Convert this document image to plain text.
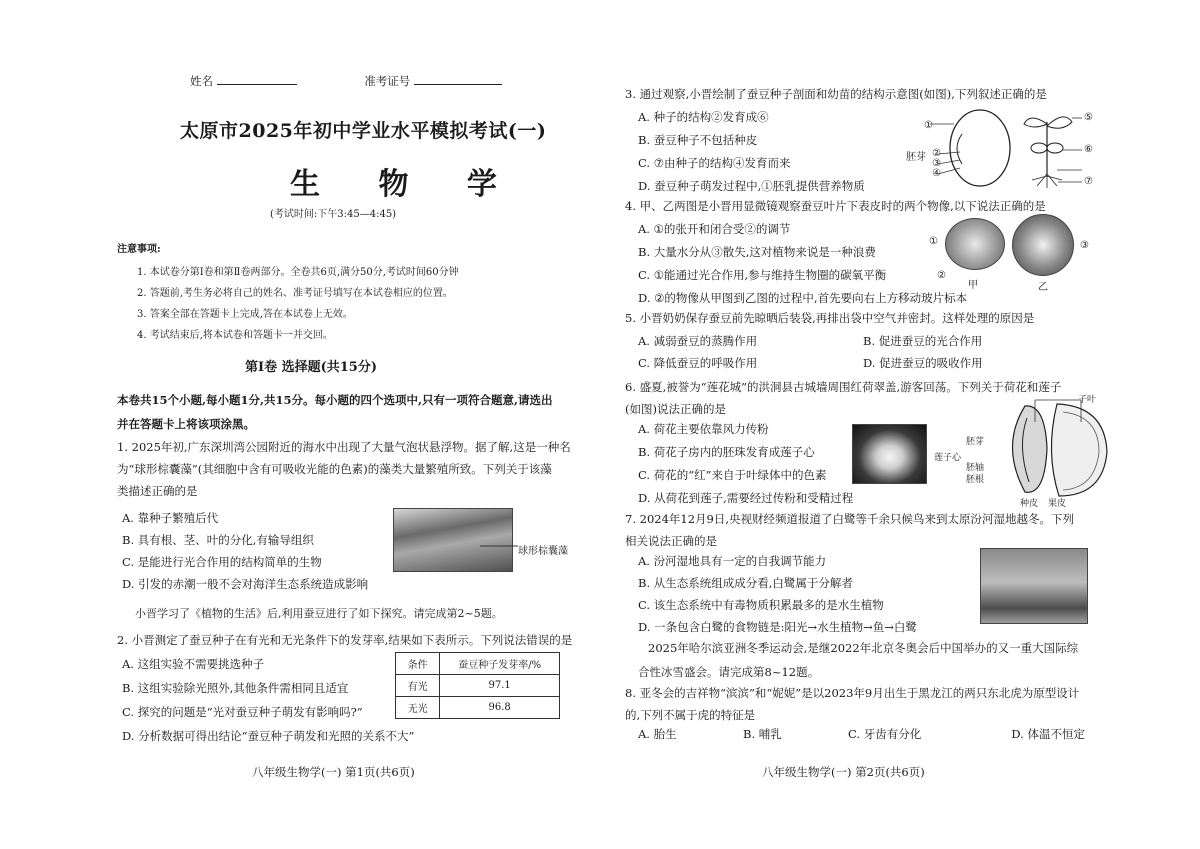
姓名	准考证号
太原市2025年初中学业水平模拟考试(一)
生 物 学
(考试时间:下午3:45—4:45)
注意事项:
1. 本试卷分第Ⅰ卷和第Ⅱ卷两部分。全卷共6页,满分50分,考试时间60分钟
2. 答题前,考生务必将自己的姓名、准考证号填写在本试卷相应的位置。
3. 答案全部在答题卡上完成,答在本试卷上无效。
4. 考试结束后,将本试卷和答题卡一并交回。
第Ⅰ卷 选择题(共15分)
本卷共15个小题,每小题1分,共15分。每小题的四个选项中,只有一项符合题意,请选出
并在答题卡上将该项涂黑。
1. 2025年初,广东深圳湾公园附近的海水中出现了大量气泡状悬浮物。据了解,这是一种名
为“球形棕囊藻”(其细胞中含有可吸收光能的色素)的藻类大量繁殖所致。下列关于该藻
类描述正确的是
A. 靠种子繁殖后代
B. 具有根、茎、叶的分化,有输导组织
C. 是能进行光合作用的结构简单的生物
D. 引发的赤潮一般不会对海洋生态系统造成影响
球形棕囊藻
小晋学习了《植物的生活》后,利用蚕豆进行了如下探究。请完成第2~5题。
2. 小晋测定了蚕豆种子在有光和无光条件下的发芽率,结果如下表所示。下列说法错误的是
A. 这组实验不需要挑选种子
B. 这组实验除光照外,其他条件需相同且适宜
C. 探究的问题是“光对蚕豆种子萌发有影响吗?”
D. 分析数据可得出结论“蚕豆种子萌发和光照的关系不大”
条件	蚕豆种子发芽率/%
有光	97.1
无光	96.8
八年级生物学(一) 第1页(共6页)
3. 通过观察,小晋绘制了蚕豆种子剖面和幼苗的结构示意图(如图),下列叙述正确的是
A. 种子的结构②发育成⑥
B. 蚕豆种子不包括种皮
C. ⑦由种子的结构④发育而来
D. 蚕豆种子萌发过程中,①胚乳提供营养物质
①
胚芽 ②
③
④
⑤
⑥
⑦
4. 甲、乙两图是小晋用显微镜观察蚕豆叶片下表皮时的两个物像,以下说法正确的是
A. ①的张开和闭合受②的调节
B. 大量水分从③散失,这对植物来说是一种浪费
C. ①能通过光合作用,参与维持生物圈的碳氧平衡
D. ②的物像从甲图到乙图的过程中,首先要向右上方移动玻片标本
①
②
③
甲	乙
5. 小晋奶奶保存蚕豆前先晾晒后装袋,再排出袋中空气并密封。这样处理的原因是
A. 减弱蚕豆的蒸腾作用	B. 促进蚕豆的光合作用
C. 降低蚕豆的呼吸作用	D. 促进蚕豆的吸收作用
6. 盛夏,被誉为“莲花城”的洪洞县古城墙周围红荷翠盖,游客回荡。下列关于荷花和莲子
(如图)说法正确的是
A. 荷花主要依靠风力传粉
B. 荷花子房内的胚珠发育成莲子心
C. 荷花的“红”来自于叶绿体中的色素
D. 从荷花到莲子,需要经过传粉和受精过程
子叶
胚芽
莲子心
胚轴
胚根
种皮 果皮
7. 2024年12月9日,央视财经频道报道了白鹭等千余只候鸟来到太原汾河湿地越冬。下列
相关说法正确的是
A. 汾河湿地具有一定的自我调节能力
B. 从生态系统组成成分看,白鹭属于分解者
C. 该生态系统中有毒物质积累最多的是水生植物
D. 一条包含白鹭的食物链是:阳光→水生植物→鱼→白鹭
2025年哈尔滨亚洲冬季运动会,是继2022年北京冬奥会后中国举办的又一重大国际综
合性冰雪盛会。请完成第8~12题。
8. 亚冬会的吉祥物“滨滨”和“妮妮”是以2023年9月出生于黑龙江的两只东北虎为原型设计
的,下列不属于虎的特征是
A. 胎生	B. 哺乳	C. 牙齿有分化	D. 体温不恒定
八年级生物学(一) 第2页(共6页)
